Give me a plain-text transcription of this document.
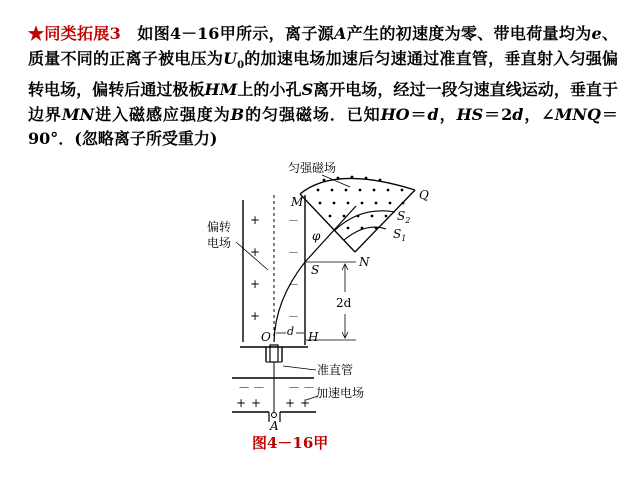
★同类拓展3　如图4－16甲所示，离子源A产生的初速度为零、带电荷量均为e、质量不同的正离子被电压为$U_0$的加速电场加速后匀速通过准直管，垂直射入匀强偏转电场，偏转后通过极板HM上的小孔S离开电场，经过一段匀速直线运动，垂直于边界MN进入磁感应强度为B的匀强磁场．已知HO＝d，HS＝2d，∠MNQ＝90°．(忽略离子所受重力)
+
+
+
+
－
－
－
－
偏转
电场
准直管
－ － － －
+ + + +
加速电场
A
匀强磁场
Q
M
φ
N
S
O	H
$S_2$
$S_1$
2d
d
图4－16甲
